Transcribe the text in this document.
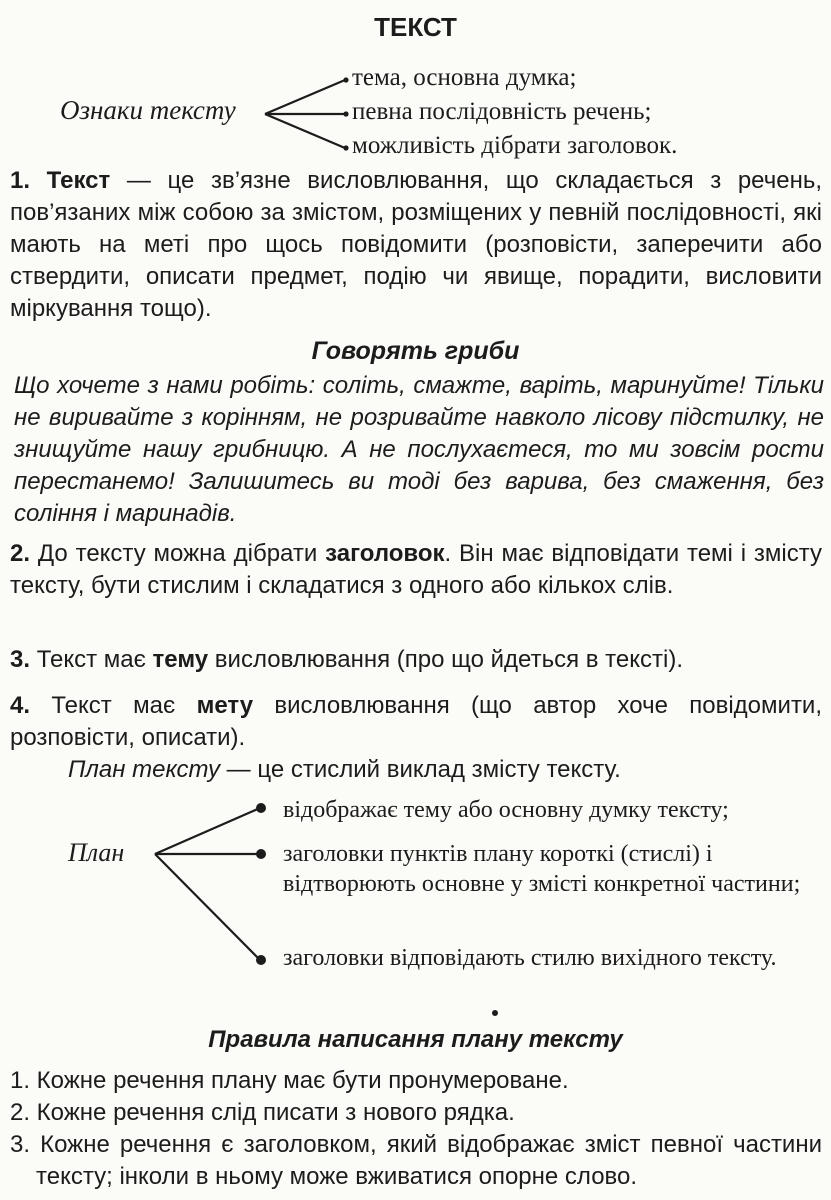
ТЕКСТ
Ознаки тексту
тема, основна думка;
певна послідовність речень;
можливість дібрати заголовок.
1. Текст — це зв’язне висловлювання, що складається з речень, пов’язаних між собою за змістом, розміщених у певній послідовності, які мають на меті про щось повідомити (розповісти, заперечити або ствердити, описати предмет, подію чи явище, порадити, висловити міркування тощо).
Говорять гриби
Що хочете з нами робіть: соліть, смажте, варіть, маринуйте! Тільки не виривайте з корінням, не розривайте навколо лісову підстилку, не знищуйте нашу грибницю. А не послухаєтеся, то ми зовсім рости перестанемо! Залишитесь ви тоді без варива, без смаження, без соління і маринадів.
2. До тексту можна дібрати заголовок. Він має відповідати темі і змісту тексту, бути стислим і складатися з одного або кількох слів.
3. Текст має тему висловлювання (про що йдеться в тексті).
4. Текст має мету висловлювання (що автор хоче повідомити, розповісти, описати).
План тексту — це стислий виклад змісту тексту.
План
відображає тему або основну думку тексту;
заголовки пунктів плану короткі (стислі) і відтворюють основне у змісті конкретної частини;
заголовки відповідають стилю вихідного тексту.
Правила написання плану тексту
1. Кожне речення плану має бути пронумероване.
2. Кожне речення слід писати з нового рядка.
3. Кожне речення є заголовком, який відображає зміст певної частини тексту; інколи в ньому може вживатися опорне слово.
